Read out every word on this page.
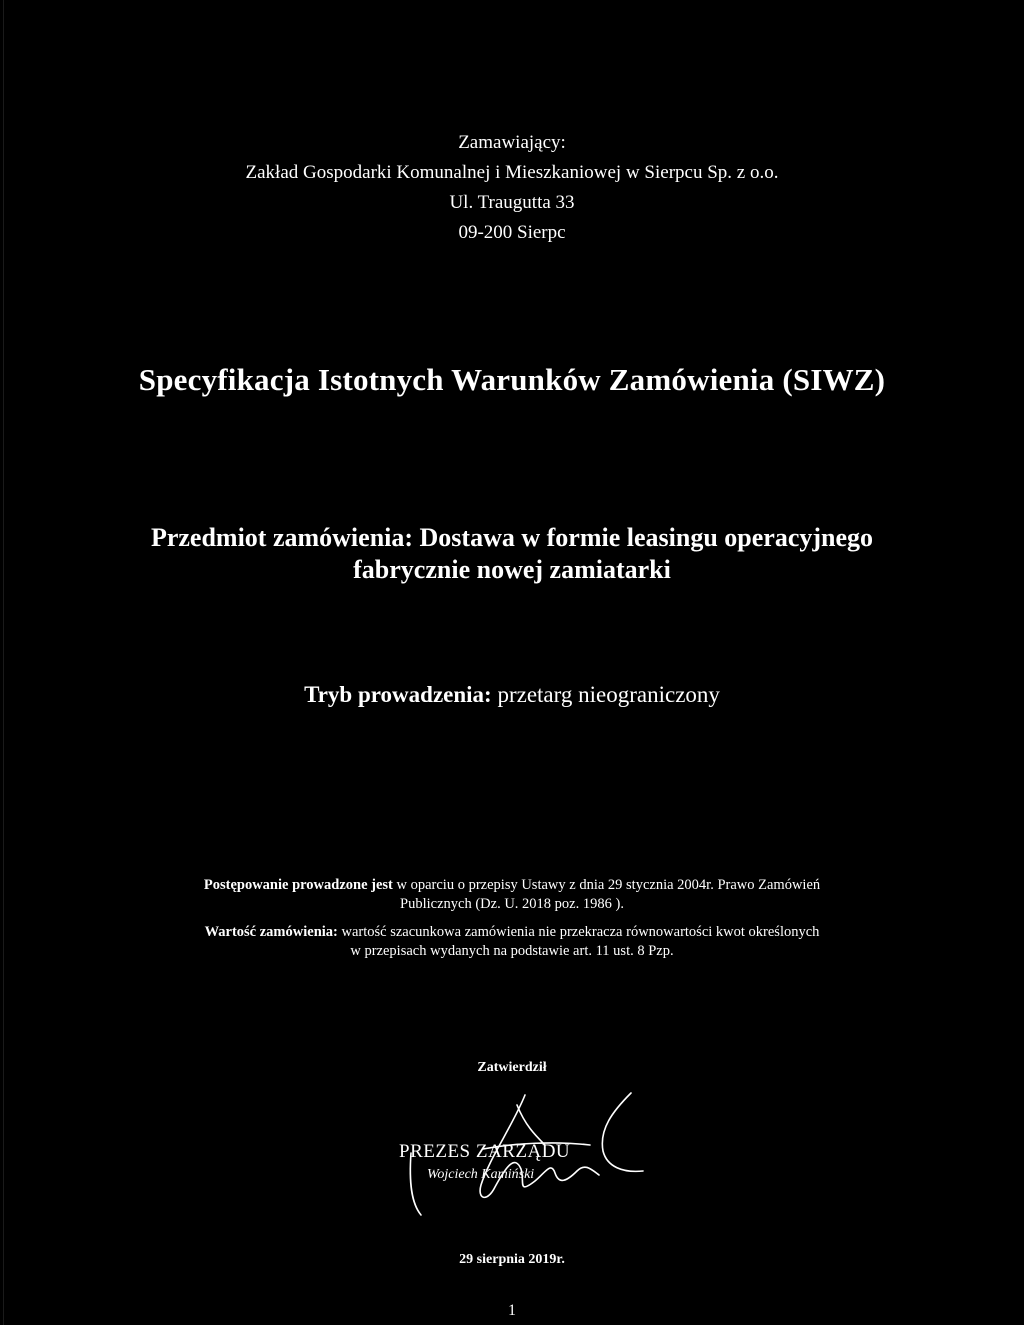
Zamawiający:
Zakład Gospodarki Komunalnej i Mieszkaniowej w Sierpcu Sp. z o.o.
Ul. Traugutta 33
09-200 Sierpc
Specyfikacja Istotnych Warunków Zamówienia (SIWZ)
Przedmiot zamówienia: Dostawa w formie leasingu operacyjnego
fabrycznie nowej zamiatarki
Tryb prowadzenia: przetarg nieograniczony

Postępowanie prowadzone jest w oparciu o przepisy Ustawy z dnia 29 stycznia 2004r. Prawo Zamówień

Publicznych (Dz. U. 2018 poz. 1986 ).

Wartość zamówienia: wartość szacunkowa zamówienia nie przekracza równowartości kwot określonych

w przepisach wydanych na podstawie art. 11 ust. 8 Pzp.

Zatwierdził
PREZES ZARZĄDU
Wojciech Kamiński
29 sierpnia 2019r.
1
